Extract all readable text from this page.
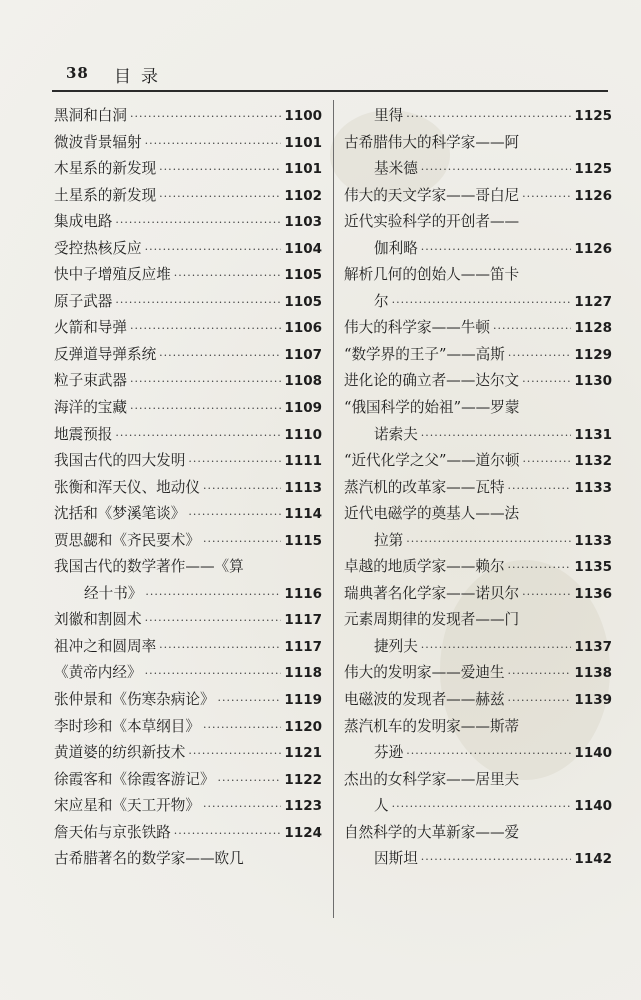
38 目录
黑洞和白洞 ·····	1100
微波背景辐射 ·····	1101
木星系的新发现 ·····	1101
土星系的新发现 ·····	1102
集成电路 ·····	1103
受控热核反应 ·····	1104
快中子增殖反应堆 ·····	1105
原子武器 ·····	1105
火箭和导弹 ·····	1106
反弹道导弹系统 ·····	1107
粒子束武器 ·····	1108
海洋的宝藏 ·····	1109
地震预报 ·····	1110
我国古代的四大发明 ·····	1111
张衡和浑天仪、地动仪 ·····	1113
沈括和《梦溪笔谈》 ·····	1114
贾思勰和《齐民要术》 ·····	1115
我国古代的数学著作——《算
经十书》 ·····	1116
刘徽和割圆术 ·····	1117
祖冲之和圆周率 ·····	1117
《黄帝内经》 ·····	1118
张仲景和《伤寒杂病论》 ·····	1119
李时珍和《本草纲目》 ·····	1120
黄道婆的纺织新技术 ·····	1121
徐霞客和《徐霞客游记》 ·····	1122
宋应星和《天工开物》 ·····	1123
詹天佑与京张铁路 ·····	1124
古希腊著名的数学家——欧几
里得 ·····	1125
古希腊伟大的科学家——阿
基米德 ·····	1125
伟大的天文学家——哥白尼 ·····	1126
近代实验科学的开创者——
伽利略 ·····	1126
解析几何的创始人——笛卡
尔 ·····	1127
伟大的科学家——牛顿 ·····	1128
“数学界的王子”——高斯 ·····	1129
进化论的确立者——达尔文 ·····	1130
“俄国科学的始祖”——罗蒙
诺索夫 ·····	1131
“近代化学之父”——道尔顿 ·····	1132
蒸汽机的改革家——瓦特 ·····	1133
近代电磁学的奠基人——法
拉第 ·····	1133
卓越的地质学家——赖尔 ·····	1135
瑞典著名化学家——诺贝尔 ·····	1136
元素周期律的发现者——门
捷列夫 ·····	1137
伟大的发明家——爱迪生 ·····	1138
电磁波的发现者——赫兹 ·····	1139
蒸汽机车的发明家——斯蒂
芬逊 ·····	1140
杰出的女科学家——居里夫
人 ·····	1140
自然科学的大革新家——爱
因斯坦 ·····	1142
